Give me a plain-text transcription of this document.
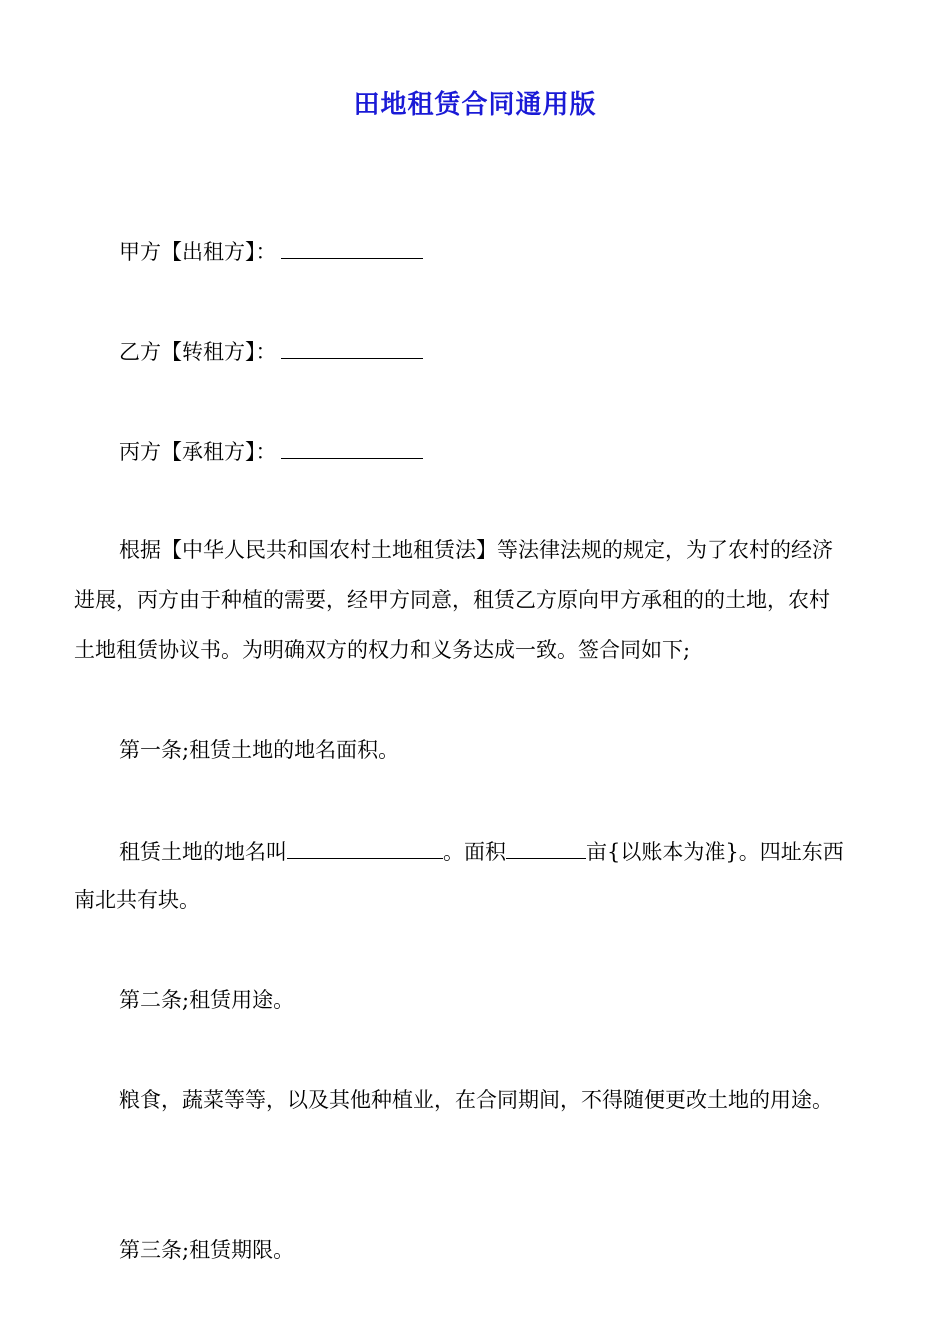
田地租赁合同通用版
甲方【出租方】：
乙方【转租方】：
丙方【承租方】：
根据【中华人民共和国农村土地租赁法】等法律法规的规定，为了农村的经济
进展，丙方由于种植的需要，经甲方同意，租赁乙方原向甲方承租的的土地，农村
土地租赁协议书。为明确双方的权力和义务达成一致。签合同如下;
第一条;租赁土地的地名面积。
租赁土地的地名叫	。面积	亩{以账本为准}。四址东西
南北共有块。
第二条;租赁用途。
粮食，蔬菜等等，以及其他种植业，在合同期间，不得随便更改土地的用途。
第三条;租赁期限。
